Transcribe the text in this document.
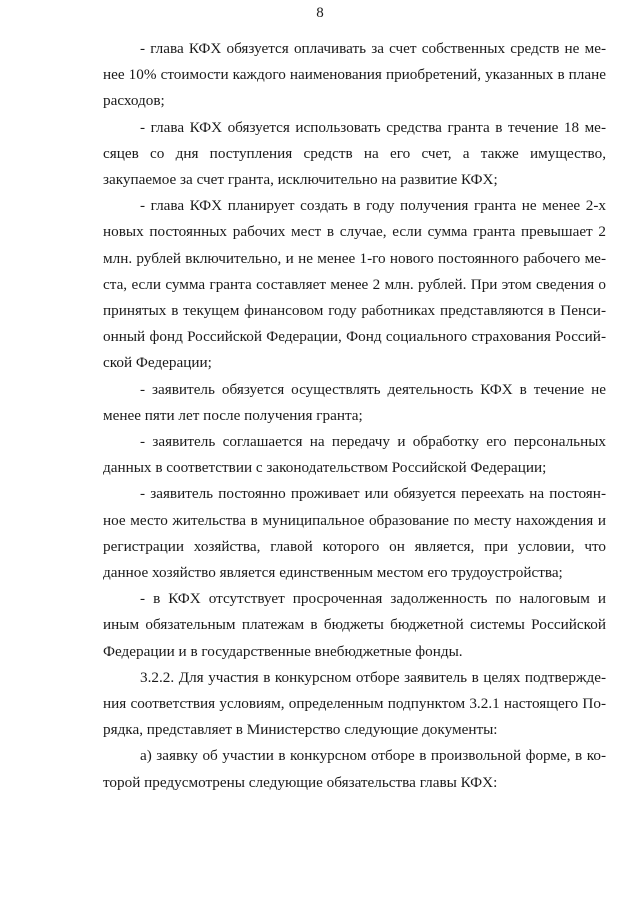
8

- глава КФХ обязуется оплачивать за счет собственных средств не менее 10% стоимости каждого наименования приобретений, указанных в плане расходов;

- глава КФХ обязуется использовать средства гранта в течение 18 месяцев со дня поступления средств на его счет, а также имущество, закупаемое за счет гранта, исключительно на развитие КФХ;

- глава КФХ планирует создать в году получения гранта не менее 2-х новых постоянных рабочих мест в случае, если сумма гранта превышает 2 млн. рублей включительно, и не менее 1-го нового постоянного рабочего места, если сумма гранта составляет менее 2 млн. рублей. При этом сведения о принятых в текущем финансовом году работниках представляются в Пенсионный фонд Российской Федерации, Фонд социального страхования Российской Федерации;

- заявитель обязуется осуществлять деятельность КФХ в течение не менее пяти лет после получения гранта;

- заявитель соглашается на передачу и обработку его персональных данных в соответствии с законодательством Российской Федерации;

- заявитель постоянно проживает или обязуется переехать на постоянное место жительства в муниципальное образование по месту нахождения и регистрации хозяйства, главой которого он является, при условии, что данное хозяйство является единственным местом его трудоустройства;

- в КФХ отсутствует просроченная задолженность по налоговым и иным обязательным платежам в бюджеты бюджетной системы Российской Федерации и в государственные внебюджетные фонды.

3.2.2. Для участия в конкурсном отборе заявитель в целях подтверждения соответствия условиям, определенным подпунктом 3.2.1 настоящего Порядка, представляет в Министерство следующие документы:

а) заявку об участии в конкурсном отборе в произвольной форме, в которой предусмотрены следующие обязательства главы КФХ:
